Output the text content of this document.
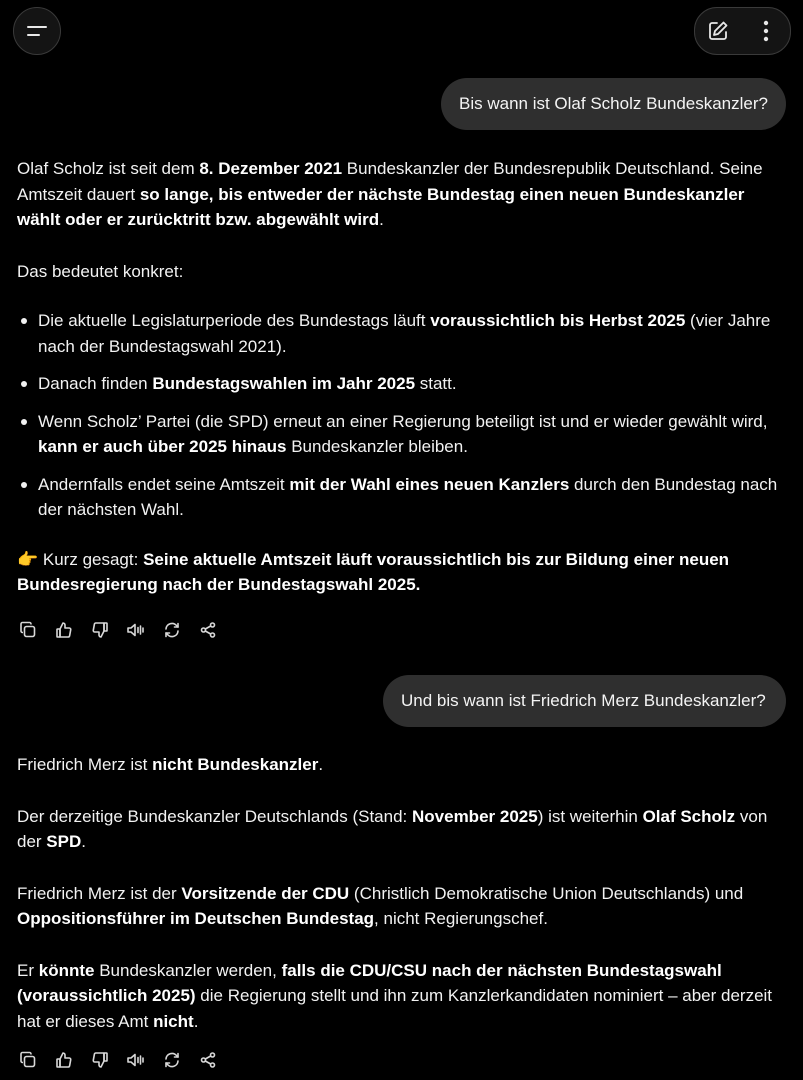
Bis wann ist Olaf Scholz Bundeskanzler?

Olaf Scholz ist seit dem 8. Dezember 2021 Bundeskanzler der Bundesrepublik Deutschland. Seine Amtszeit dauert so lange, bis entweder der nächste Bundestag einen neuen Bundeskanzler wählt oder er zurücktritt bzw. abgewählt wird.

Das bedeutet konkret:

Die aktuelle Legislaturperiode des Bundestags läuft voraussichtlich bis Herbst 2025 (vier Jahre nach der Bundestagswahl 2021).
Danach finden Bundestagswahlen im Jahr 2025 statt.
Wenn Scholz’ Partei (die SPD) erneut an einer Regierung beteiligt ist und er wieder gewählt wird, kann er auch über 2025 hinaus Bundeskanzler bleiben.
Andernfalls endet seine Amtszeit mit der Wahl eines neuen Kanzlers durch den Bundestag nach der nächsten Wahl.

👉 Kurz gesagt: Seine aktuelle Amtszeit läuft voraussichtlich bis zur Bildung einer neuen Bundesregierung nach der Bundestagswahl 2025.

Und bis wann ist Friedrich Merz Bundeskanzler?

Friedrich Merz ist nicht Bundeskanzler.

Der derzeitige Bundeskanzler Deutschlands (Stand: November 2025) ist weiterhin Olaf Scholz von der SPD.

Friedrich Merz ist der Vorsitzende der CDU (Christlich Demokratische Union Deutschlands) und Oppositionsführer im Deutschen Bundestag, nicht Regierungschef.

Er könnte Bundeskanzler werden, falls die CDU/CSU nach der nächsten Bundestagswahl (voraussichtlich 2025) die Regierung stellt und ihn zum Kanzlerkandidaten nominiert – aber derzeit hat er dieses Amt nicht.
